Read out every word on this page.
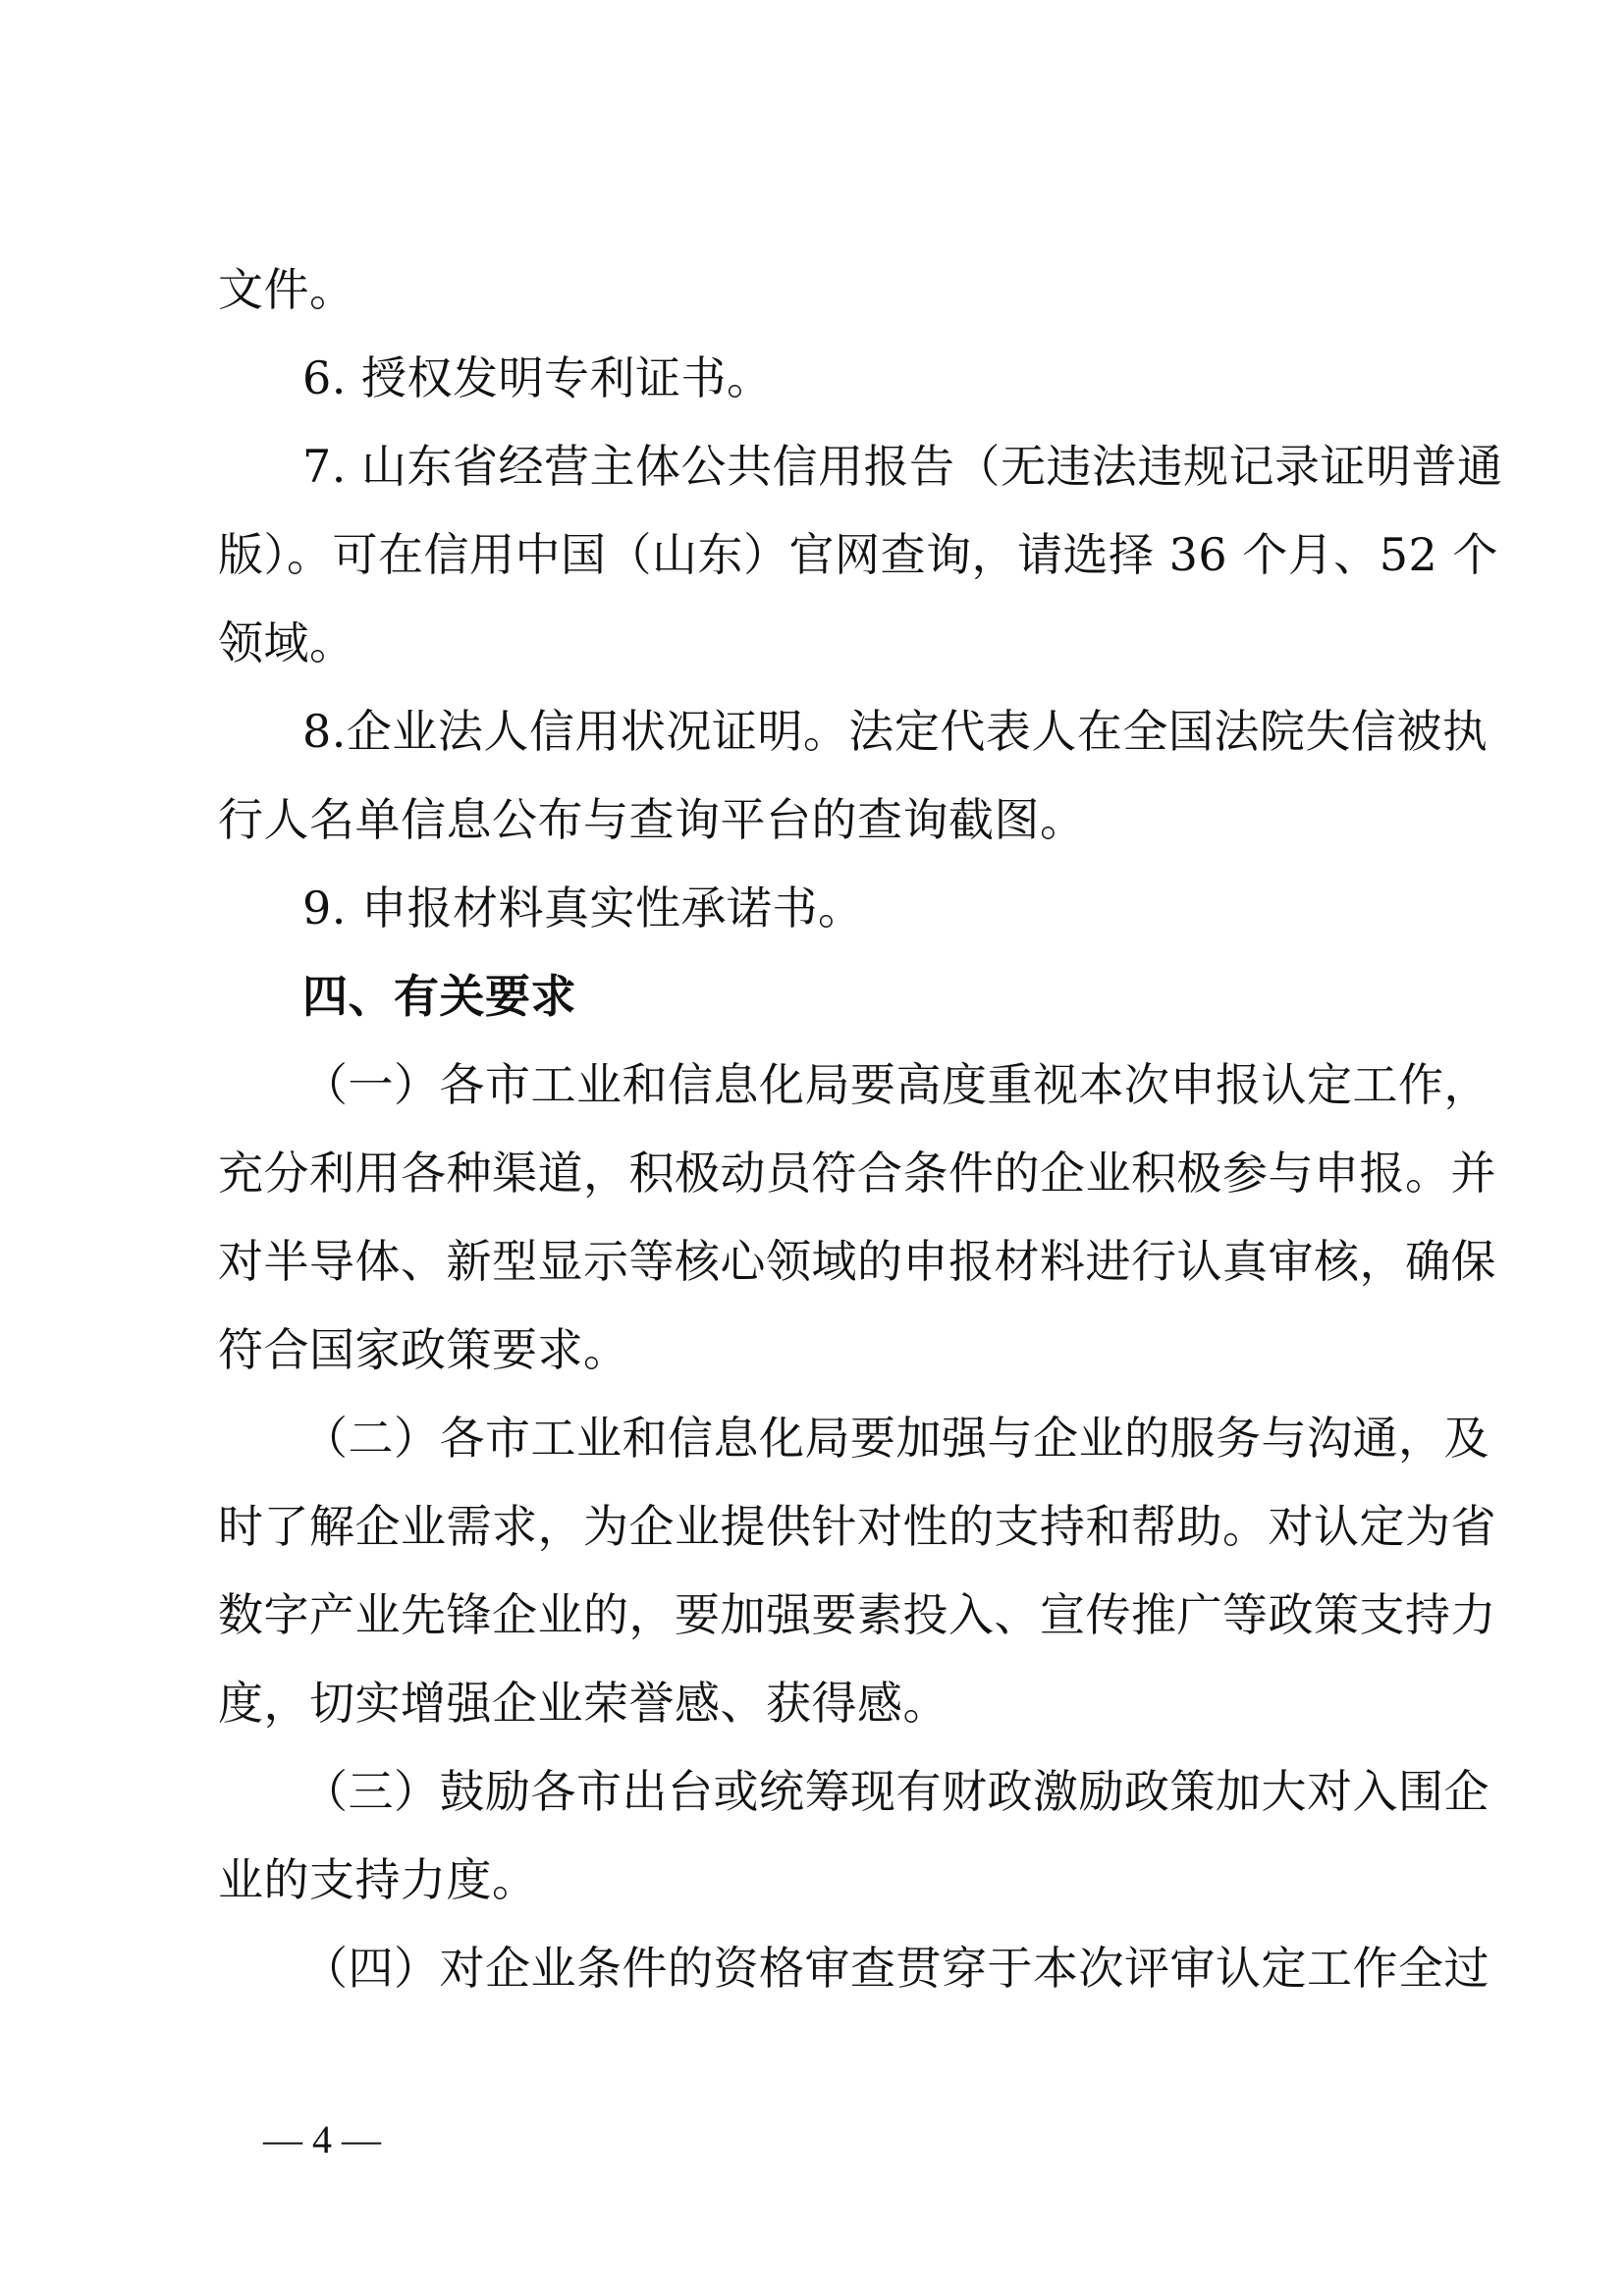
文件。
6. 授权发明专利证书。
7. 山东省经营主体公共信用报告（无违法违规记录证明普通
版）。可在信用中国（山东）官网查询，请选择 36 个月、52 个
领域。
8.企业法人信用状况证明。法定代表人在全国法院失信被执
行人名单信息公布与查询平台的查询截图。
9. 申报材料真实性承诺书。
四、有关要求
（一）各市工业和信息化局要高度重视本次申报认定工作，
充分利用各种渠道，积极动员符合条件的企业积极参与申报。并
对半导体、新型显示等核心领域的申报材料进行认真审核，确保
符合国家政策要求。
（二）各市工业和信息化局要加强与企业的服务与沟通，及
时了解企业需求，为企业提供针对性的支持和帮助。对认定为省
数字产业先锋企业的，要加强要素投入、宣传推广等政策支持力
度，切实增强企业荣誉感、获得感。
（三）鼓励各市出台或统筹现有财政激励政策加大对入围企
业的支持力度。
（四）对企业条件的资格审查贯穿于本次评审认定工作全过
— 4 —
